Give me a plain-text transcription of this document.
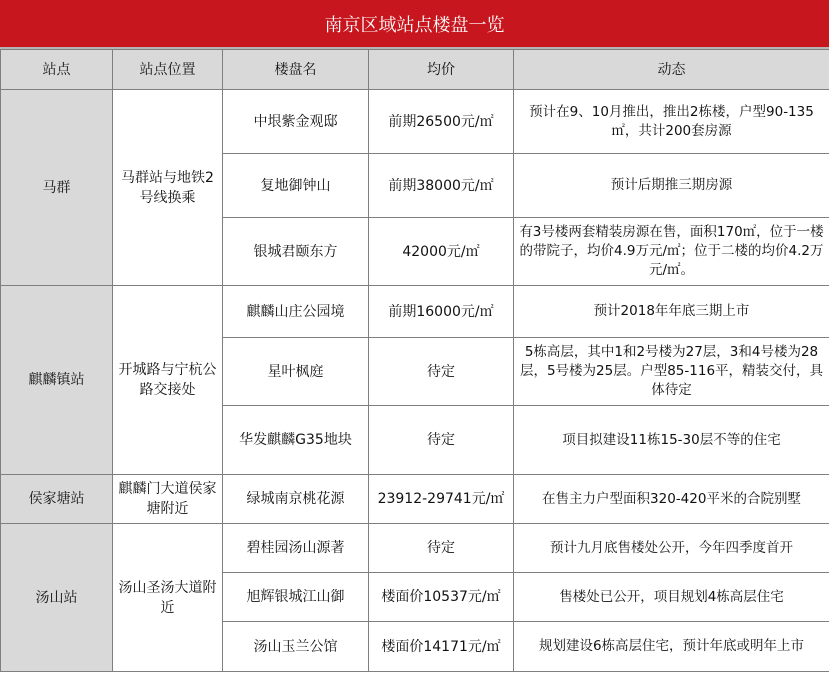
南京区域站点楼盘一览
站点	站点位置	楼盘名	均价	动态
马群	马群站与地铁2号线换乘	中垠紫金观邸	前期26500元/㎡	预计在9、10月推出，推出2栋楼，户型90-135㎡，共计200套房源
		复地御钟山	前期38000元/㎡	预计后期推三期房源
		银城君颐东方	42000元/㎡	有3号楼两套精装房源在售，面积170㎡，位于一楼的带院子，均价4.9万元/㎡；位于二楼的均价4.2万元/㎡。
麒麟镇站	开城路与宁杭公路交接处	麒麟山庄公园境	前期16000元/㎡	预计2018年年底三期上市
		星叶枫庭	待定	5栋高层，其中1和2号楼为27层，3和4号楼为28层，5号楼为25层。户型85-116平，精装交付，具体待定
		华发麒麟G35地块	待定	项目拟建设11栋15-30层不等的住宅
侯家塘站	麒麟门大道侯家塘附近	绿城南京桃花源	23912-29741元/㎡	在售主力户型面积320-420平米的合院别墅
汤山站	汤山圣汤大道附近	碧桂园汤山源著	待定	预计九月底售楼处公开，今年四季度首开
		旭辉银城江山御	楼面价10537元/㎡	售楼处已公开，项目规划4栋高层住宅
		汤山玉兰公馆	楼面价14171元/㎡	规划建设6栋高层住宅，预计年底或明年上市
